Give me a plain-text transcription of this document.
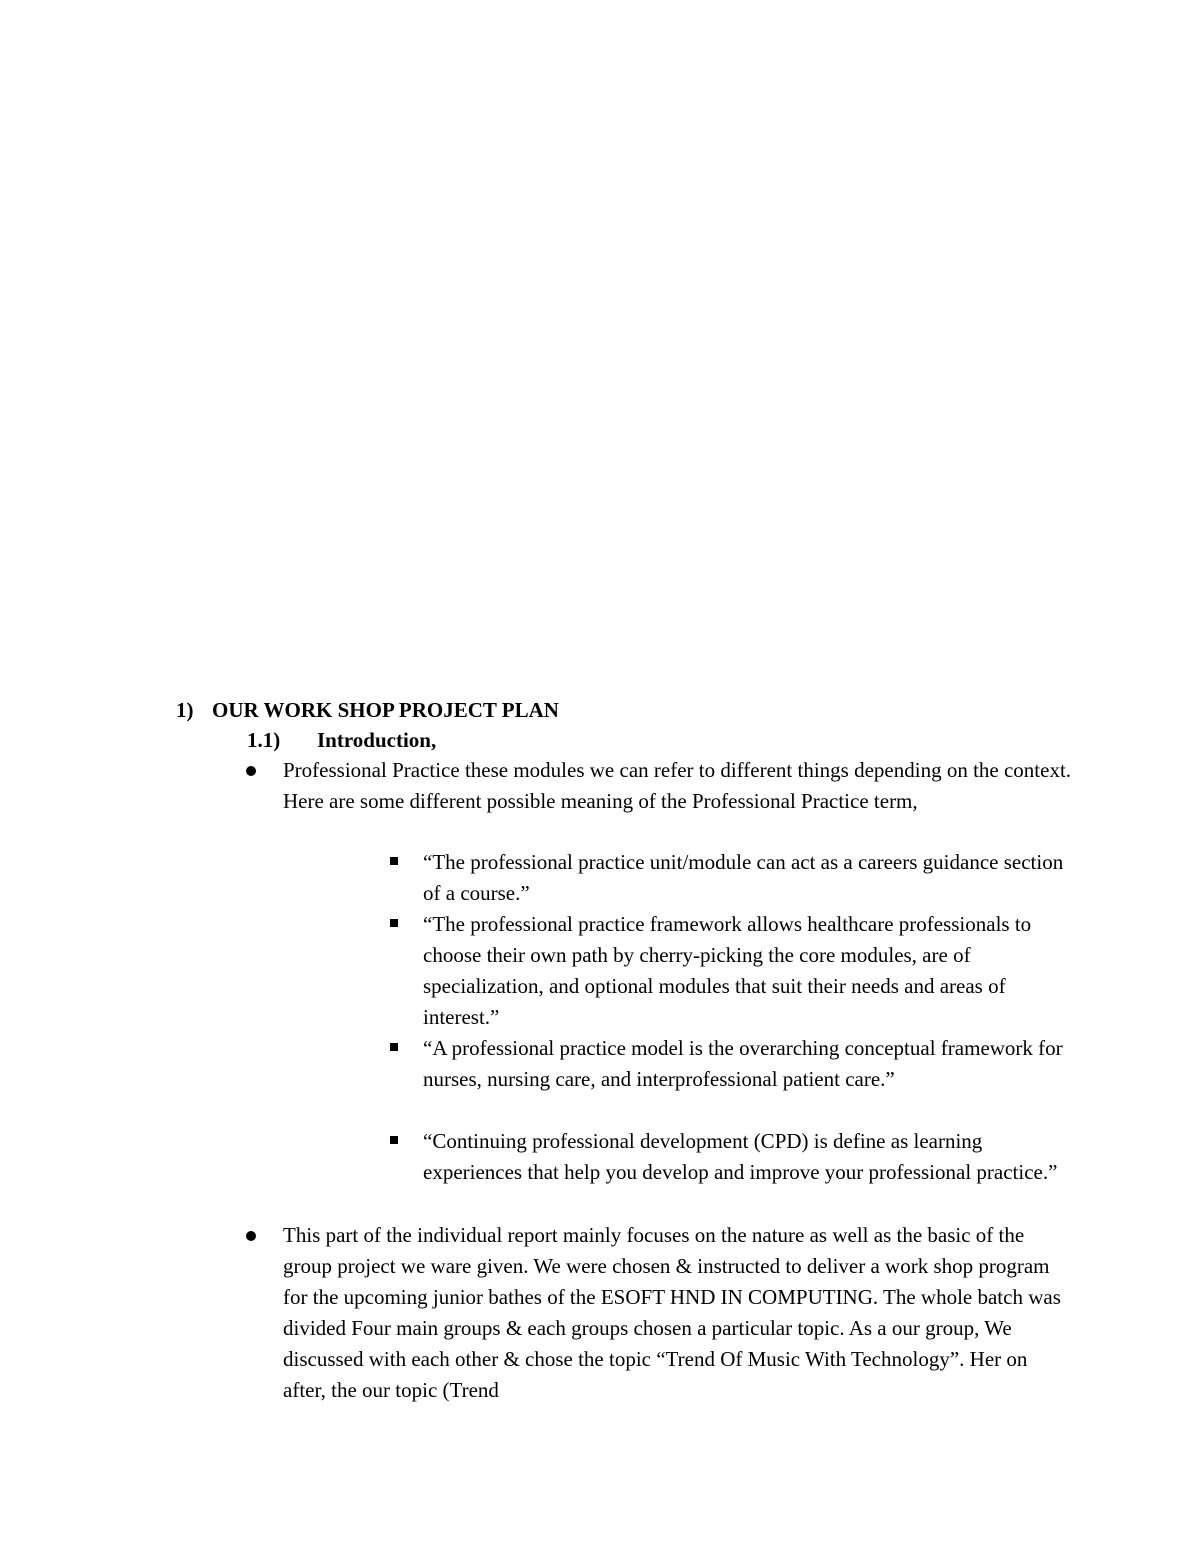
1) OUR WORK SHOP PROJECT PLAN
1.1) Introduction,
Professional Practice these modules we can refer to different things depending on the context. Here are some different possible meaning of the Professional Practice term,
“The professional practice unit/module can act as a careers guidance section of a course.”
“The professional practice framework allows healthcare professionals to choose their own path by cherry-picking the core modules, are of specialization, and optional modules that suit their needs and areas of interest.”
“A professional practice model is the overarching conceptual framework for nurses, nursing care, and interprofessional patient care.”
“Continuing professional development (CPD) is define as learning experiences that help you develop and improve your professional practice.”
This part of the individual report mainly focuses on the nature as well as the basic of the group project we ware given. We were chosen & instructed to deliver a work shop program for the upcoming junior bathes of the ESOFT HND IN COMPUTING. The whole batch was divided Four main groups & each groups chosen a particular topic. As a our group, We discussed with each other & chose the topic “Trend Of Music With Technology”. Her on after, the our topic (Trend
